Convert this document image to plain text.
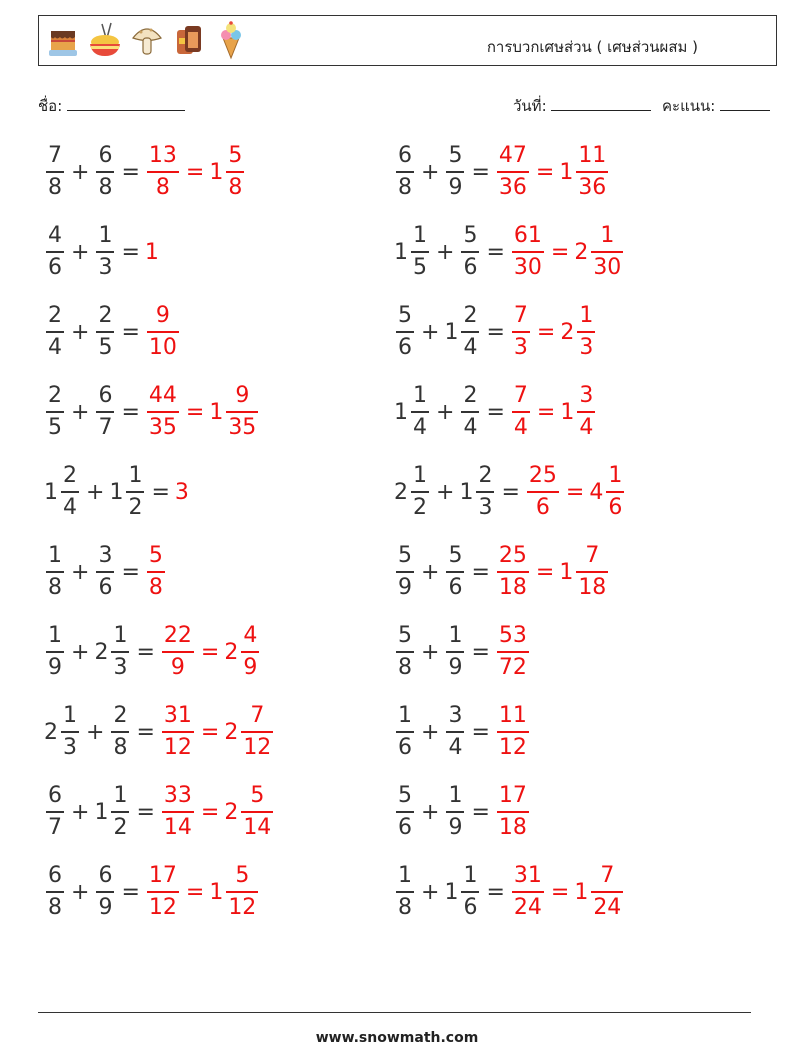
การบวกเศษส่วน ( เศษส่วนผสม )
ชื่อ:	วันที่:	คะแนน:
$\frac{7}{8} + \frac{6}{8} = \frac{13}{8} = 1 \frac{5}{8}$	$\frac{6}{8} + \frac{5}{9} = \frac{47}{36} = 1 \frac{11}{36}$
$\frac{4}{6} + \frac{1}{3} = 1$	$1 \frac{1}{5} + \frac{5}{6} = \frac{61}{30} = 2 \frac{1}{30}$
$\frac{2}{4} + \frac{2}{5} = \frac{9}{10}$	$\frac{5}{6} + 1 \frac{2}{4} = \frac{7}{3} = 2 \frac{1}{3}$
$\frac{2}{5} + \frac{6}{7} = \frac{44}{35} = 1 \frac{9}{35}$	$1 \frac{1}{4} + \frac{2}{4} = \frac{7}{4} = 1 \frac{3}{4}$
$1 \frac{2}{4} + 1 \frac{1}{2} = 3$	$2 \frac{1}{2} + 1 \frac{2}{3} = \frac{25}{6} = 4 \frac{1}{6}$
$\frac{1}{8} + \frac{3}{6} = \frac{5}{8}$	$\frac{5}{9} + \frac{5}{6} = \frac{25}{18} = 1 \frac{7}{18}$
$\frac{1}{9} + 2 \frac{1}{3} = \frac{22}{9} = 2 \frac{4}{9}$	$\frac{5}{8} + \frac{1}{9} = \frac{53}{72}$
$2 \frac{1}{3} + \frac{2}{8} = \frac{31}{12} = 2 \frac{7}{12}$	$\frac{1}{6} + \frac{3}{4} = \frac{11}{12}$
$\frac{6}{7} + 1 \frac{1}{2} = \frac{33}{14} = 2 \frac{5}{14}$	$\frac{5}{6} + \frac{1}{9} = \frac{17}{18}$
$\frac{6}{8} + \frac{6}{9} = \frac{17}{12} = 1 \frac{5}{12}$	$\frac{1}{8} + 1 \frac{1}{6} = \frac{31}{24} = 1 \frac{7}{24}$
www.snowmath.com
